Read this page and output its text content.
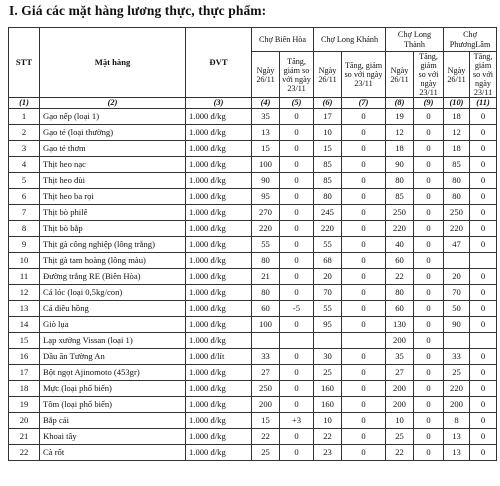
I. Giá các mặt hàng lương thực, thực phẩm:
STT	Mặt hàng	ĐVT	Chợ Biên Hòa		Chợ Long Khánh		Chợ Long Thành		Chợ PhươngLâm	
			Ngày 26/11	Tăng, giảm so với ngày 23/11	Ngày 26/11	Tăng, giảm so với ngày 23/11	Ngày 26/11	Tăng, giảm so với ngày 23/11	Ngày 26/11	Tăng, giảm so với ngày 23/11
(1)	(2)	(3)	(4)	(5)	(6)	(7)	(8)	(9)	(10)	(11)
1	Gạo nếp (loại 1)	1.000 đ/kg	35	0	17	0	19	0	18	0
2	Gạo tẻ (loại thường)	1.000 đ/kg	13	0	10	0	12	0	12	0
3	Gạo tẻ thơm	1.000 đ/kg	15	0	15	0	18	0	18	0
4	Thịt heo nạc	1.000 đ/kg	100	0	85	0	90	0	85	0
5	Thịt heo đùi	1.000 đ/kg	90	0	85	0	80	0	80	0
6	Thịt heo ba rọi	1.000 đ/kg	95	0	80	0	85	0	80	0
7	Thịt bò philê	1.000 đ/kg	270	0	245	0	250	0	250	0
8	Thịt bò bắp	1.000 đ/kg	220	0	220	0	220	0	220	0
9	Thịt gà công nghiệp (lông trắng)	1.000 đ/kg	55	0	55	0	40	0	47	0
10	Thịt gà tam hoàng (lông màu)	1.000 đ/kg	80	0	68	0	60	0		
11	Đường trắng RE (Biên Hòa)	1.000 đ/kg	21	0	20	0	22	0	20	0
12	Cá lóc (loại 0,5kg/con)	1.000 đ/kg	80	0	70	0	80	0	70	0
13	Cá diêu hồng	1.000 đ/kg	60	-5	55	0	60	0	50	0
14	Giò lụa	1.000 đ/kg	100	0	95	0	130	0	90	0
15	Lạp xưởng Vissan (loại 1)	1.000 đ/kg					200	0		
16	Dầu ăn Tường An	1.000 đ/lít	33	0	30	0	35	0	33	0
17	Bột ngọt Ajinomoto (453gr)	1.000 đ/kg	27	0	25	0	27	0	25	0
18	Mực (loại phổ biến)	1.000 đ/kg	250	0	160	0	200	0	220	0
19	Tôm (loại phổ biến)	1.000 đ/kg	200	0	160	0	200	0	200	0
20	Bắp cải	1.000 đ/kg	15	+3	10	0	10	0	8	0
21	Khoai tây	1.000 đ/kg	22	0	22	0	25	0	13	0
22	Cà rốt	1.000 đ/kg	25	0	23	0	22	0	13	0
